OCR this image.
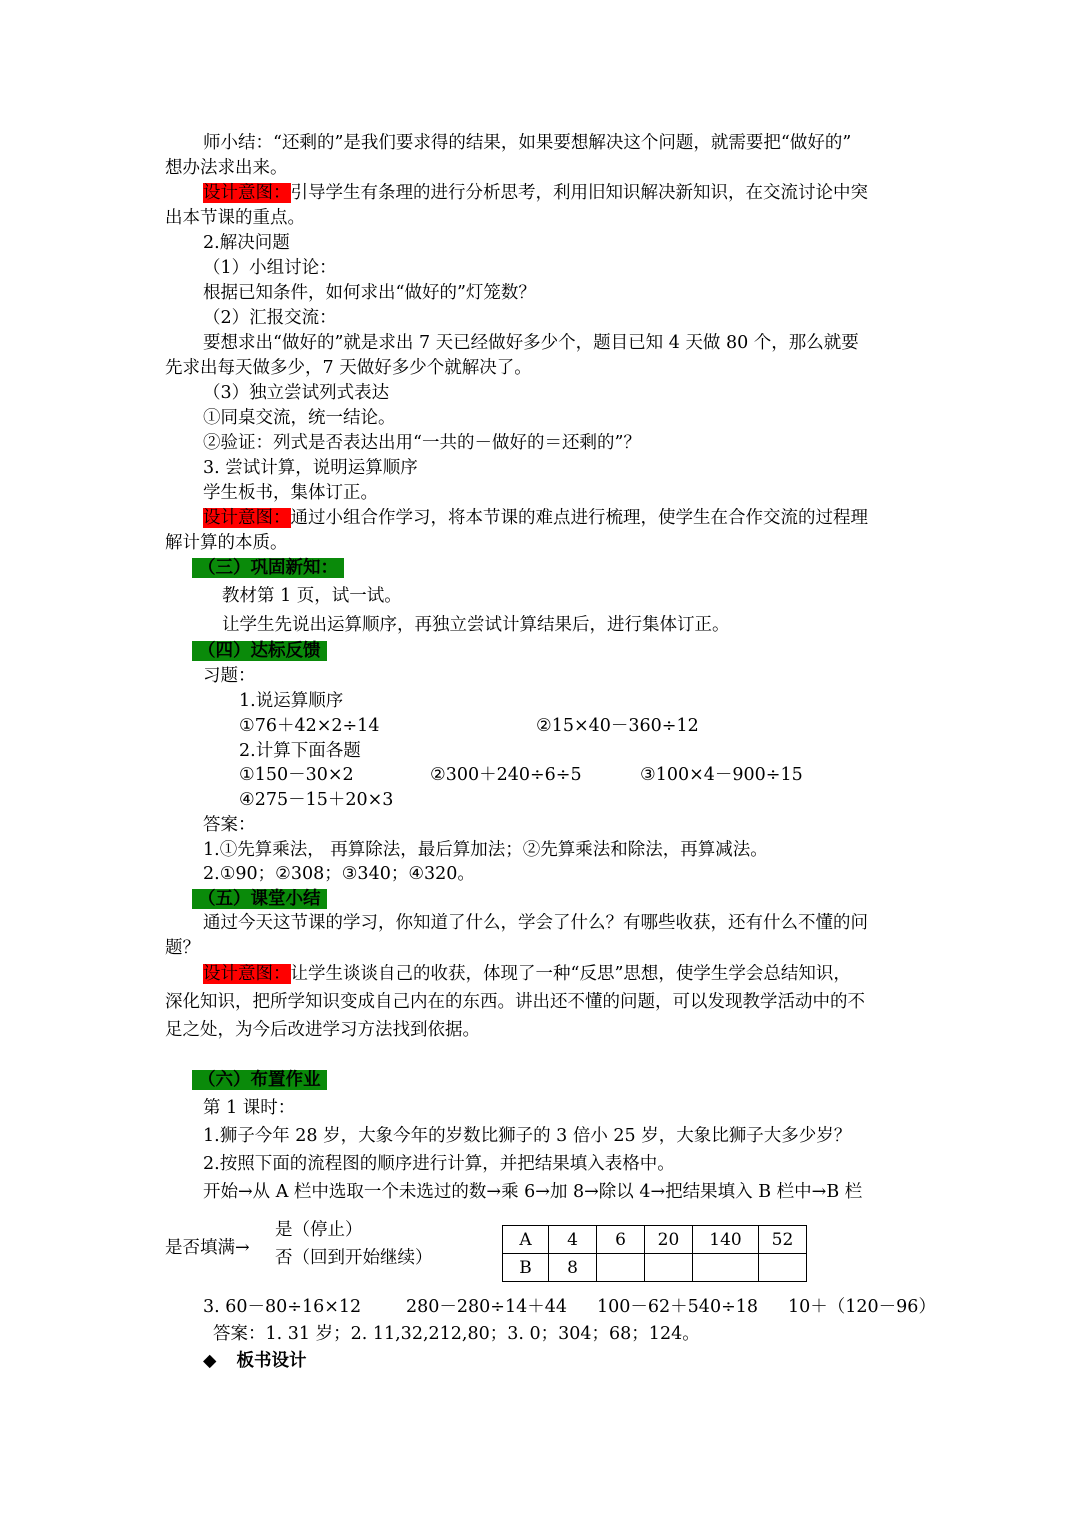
师小结：“还剩的”是我们要求得的结果，如果要想解决这个问题，就需要把“做好的”
想办法求出来。
设计意图：引导学生有条理的进行分析思考，利用旧知识解决新知识，在交流讨论中突
出本节课的重点。
2.解决问题
（1）小组讨论：
根据已知条件，如何求出“做好的”灯笼数？
（2）汇报交流：
要想求出“做好的”就是求出 7 天已经做好多少个，题目已知 4 天做 80 个，那么就要
先求出每天做多少，7 天做好多少个就解决了。
（3）独立尝试列式表达
①同桌交流，统一结论。
②验证：列式是否表达出用“一共的－做好的＝还剩的”？
3. 尝试计算，说明运算顺序
学生板书，集体订正。
设计意图：通过小组合作学习，将本节课的难点进行梳理，使学生在合作交流的过程理
解计算的本质。
（三）巩固新知：
教材第 1 页，试一试。
让学生先说出运算顺序，再独立尝试计算结果后，进行集体订正。
（四）达标反馈
习题：
1.说运算顺序
①76＋42×2÷14	②15×40－360÷12
2.计算下面各题
①150－30×2	②300＋240÷6÷5	③100×4－900÷15
④275－15＋20×3
答案：
1.①先算乘法， 再算除法，最后算加法；②先算乘法和除法，再算减法。
2.①90；②308；③340；④320。
（五）课堂小结
通过今天这节课的学习，你知道了什么，学会了什么？有哪些收获，还有什么不懂的问
题？
设计意图：让学生谈谈自己的收获，体现了一种“反思”思想，使学生学会总结知识，
深化知识，把所学知识变成自己内在的东西。讲出还不懂的问题，可以发现教学活动中的不
足之处，为今后改进学习方法找到依据。
（六）布置作业
第 1 课时：
1.狮子今年 28 岁，大象今年的岁数比狮子的 3 倍小 25 岁，大象比狮子大多少岁？
2.按照下面的流程图的顺序进行计算，并把结果填入表格中。
开始→从 A 栏中选取一个未选过的数→乘 6→加 8→除以 4→把结果填入 B 栏中→B 栏
是（停止）
是否填满→ 否（回到开始继续）
A	4	6	20	140	52
B	8				
3. 60－80÷16×12	280－280÷14＋44 100－62＋540÷18 10＋（120－96）
答案：1. 31 岁；2. 11,32,212,80；3. 0；304；68；124。
◆ 板书设计
